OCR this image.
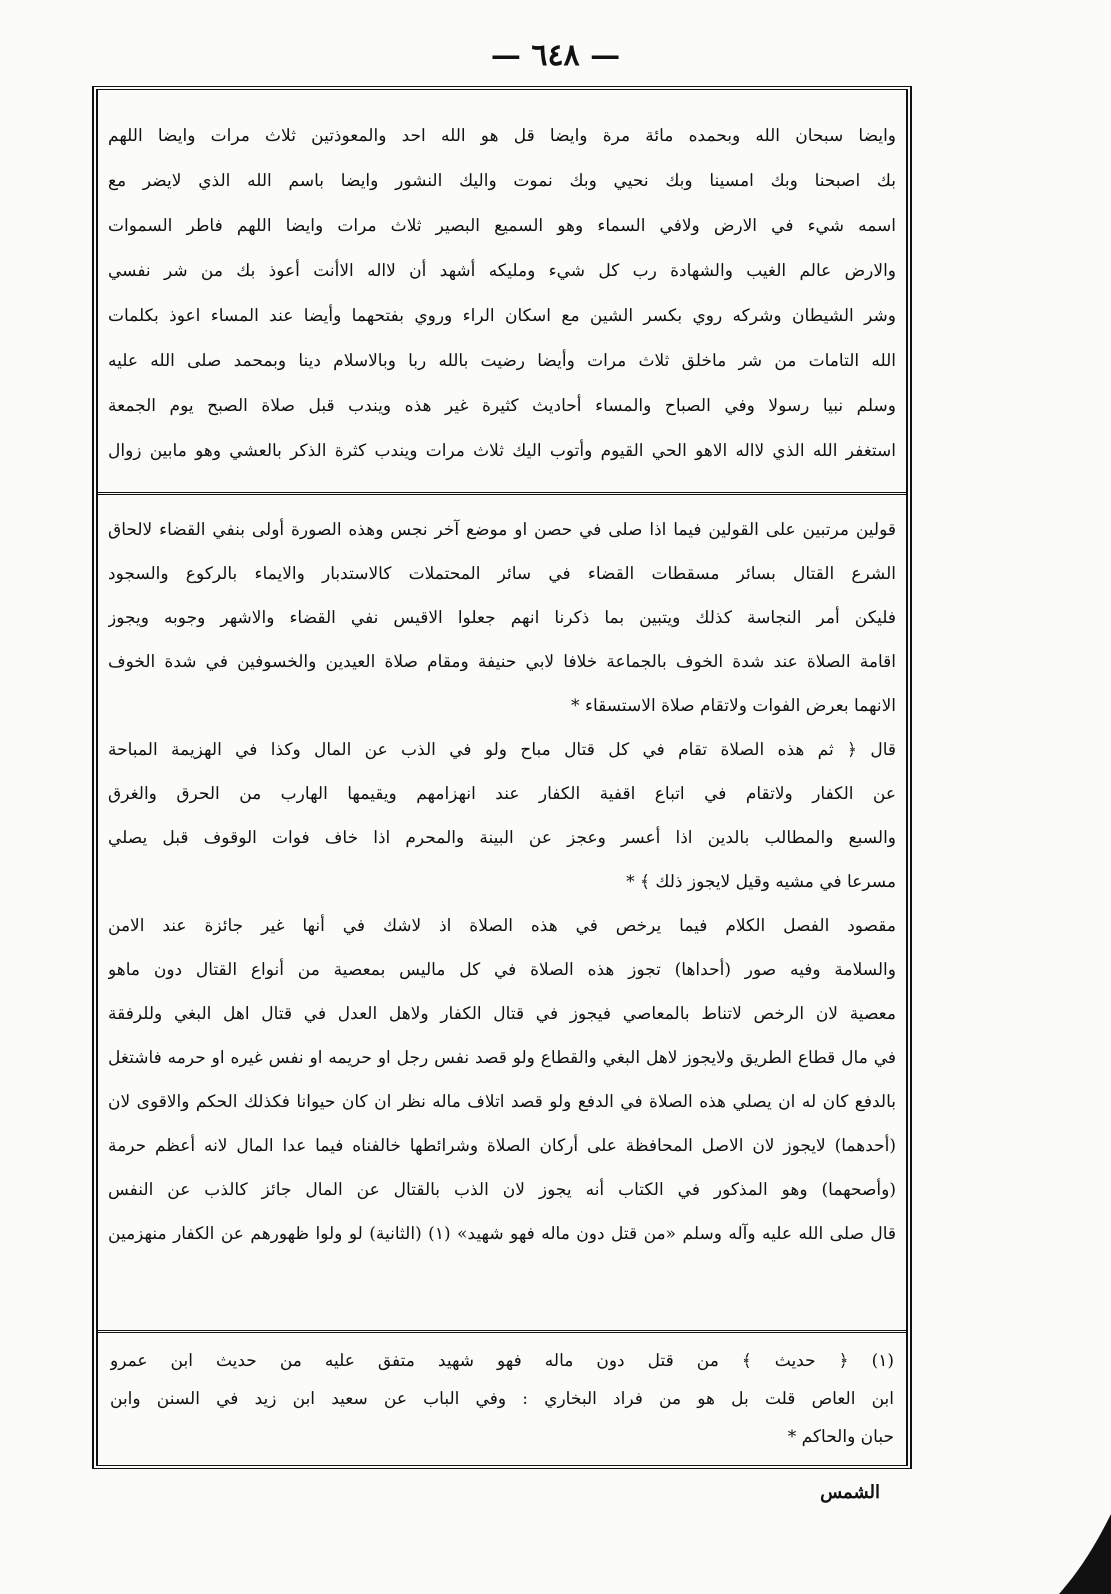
— ٦٤٨ —
وايضا سبحان الله وبحمده مائة مرة وايضا قل هو الله احد والمعوذتين ثلاث مرات وايضا اللهم
بك اصبحنا وبك امسينا وبك نحيي وبك نموت واليك النشور وايضا باسم الله الذي لايضر مع
اسمه شيء في الارض ولافي السماء وهو السميع البصير ثلاث مرات وايضا اللهم فاطر السموات
والارض عالم الغيب والشهادة رب كل شيء ومليكه أشهد أن لااله الاأنت أعوذ بك من شر نفسي
وشر الشيطان وشركه روي بكسر الشين مع اسكان الراء وروي بفتحهما وأيضا عند المساء اعوذ بكلمات
الله التامات من شر ماخلق ثلاث مرات وأيضا رضيت بالله ربا وبالاسلام دينا وبمحمد صلى الله عليه
وسلم نبيا رسولا وفي الصباح والمساء أحاديث كثيرة غير هذه ويندب قبل صلاة الصبح يوم الجمعة
استغفر الله الذي لااله الاهو الحي القيوم وأتوب اليك ثلاث مرات ويندب كثرة الذكر بالعشي وهو مابين زوال
قولين مرتبين على القولين فيما اذا صلى في حصن او موضع آخر نجس وهذه الصورة أولى بنفي القضاء لالحاق
الشرع القتال بسائر مسقطات القضاء في سائر المحتملات كالاستدبار والايماء بالركوع والسجود
فليكن أمر النجاسة كذلك ويتبين بما ذكرنا انهم جعلوا الاقيس نفي القضاء والاشهر وجوبه ويجوز
اقامة الصلاة عند شدة الخوف بالجماعة خلافا لابي حنيفة ومقام صلاة العيدين والخسوفين في شدة الخوف
الانهما بعرض الفوات ولاتقام صلاة الاستسقاء *
قال ﴿ ثم هذه الصلاة تقام في كل قتال مباح ولو في الذب عن المال وكذا في الهزيمة المباحة
عن الكفار ولاتقام في اتباع اقفية الكفار عند انهزامهم ويقيمها الهارب من الحرق والغرق
والسبع والمطالب بالدين اذا أعسر وعجز عن البينة والمحرم اذا خاف فوات الوقوف قبل يصلي
مسرعا في مشيه وقيل لايجوز ذلك ﴾ *
مقصود الفصل الكلام فيما يرخص في هذه الصلاة اذ لاشك في أنها غير جائزة عند الامن
والسلامة وفيه صور (أحداها) تجوز هذه الصلاة في كل ماليس بمعصية من أنواع القتال دون ماهو
معصية لان الرخص لاتناط بالمعاصي فيجوز في قتال الكفار ولاهل العدل في قتال اهل البغي وللرفقة
في مال قطاع الطريق ولايجوز لاهل البغي والقطاع ولو قصد نفس رجل او حريمه او نفس غيره او حرمه فاشتغل
بالدفع كان له ان يصلي هذه الصلاة في الدفع ولو قصد اتلاف ماله نظر ان كان حيوانا فكذلك الحكم والاقوى لان
(أحدهما) لايجوز لان الاصل المحافظة على أركان الصلاة وشرائطها خالفناه فيما عدا المال لانه أعظم حرمة
(وأصحهما) وهو المذكور في الكتاب أنه يجوز لان الذب بالقتال عن المال جائز كالذب عن النفس
قال صلى الله عليه وآله وسلم «من قتل دون ماله فهو شهيد» (١) (الثانية) لو ولوا ظهورهم عن الكفار منهزمين
(١) ﴿ حديث ﴾ من قتل دون ماله فهو شهيد متفق عليه من حديث ابن عمرو
ابن العاص قلت بل هو من فراد البخاري : وفي الباب عن سعيد ابن زيد في السنن وابن
حبان والحاكم *
الشمس
